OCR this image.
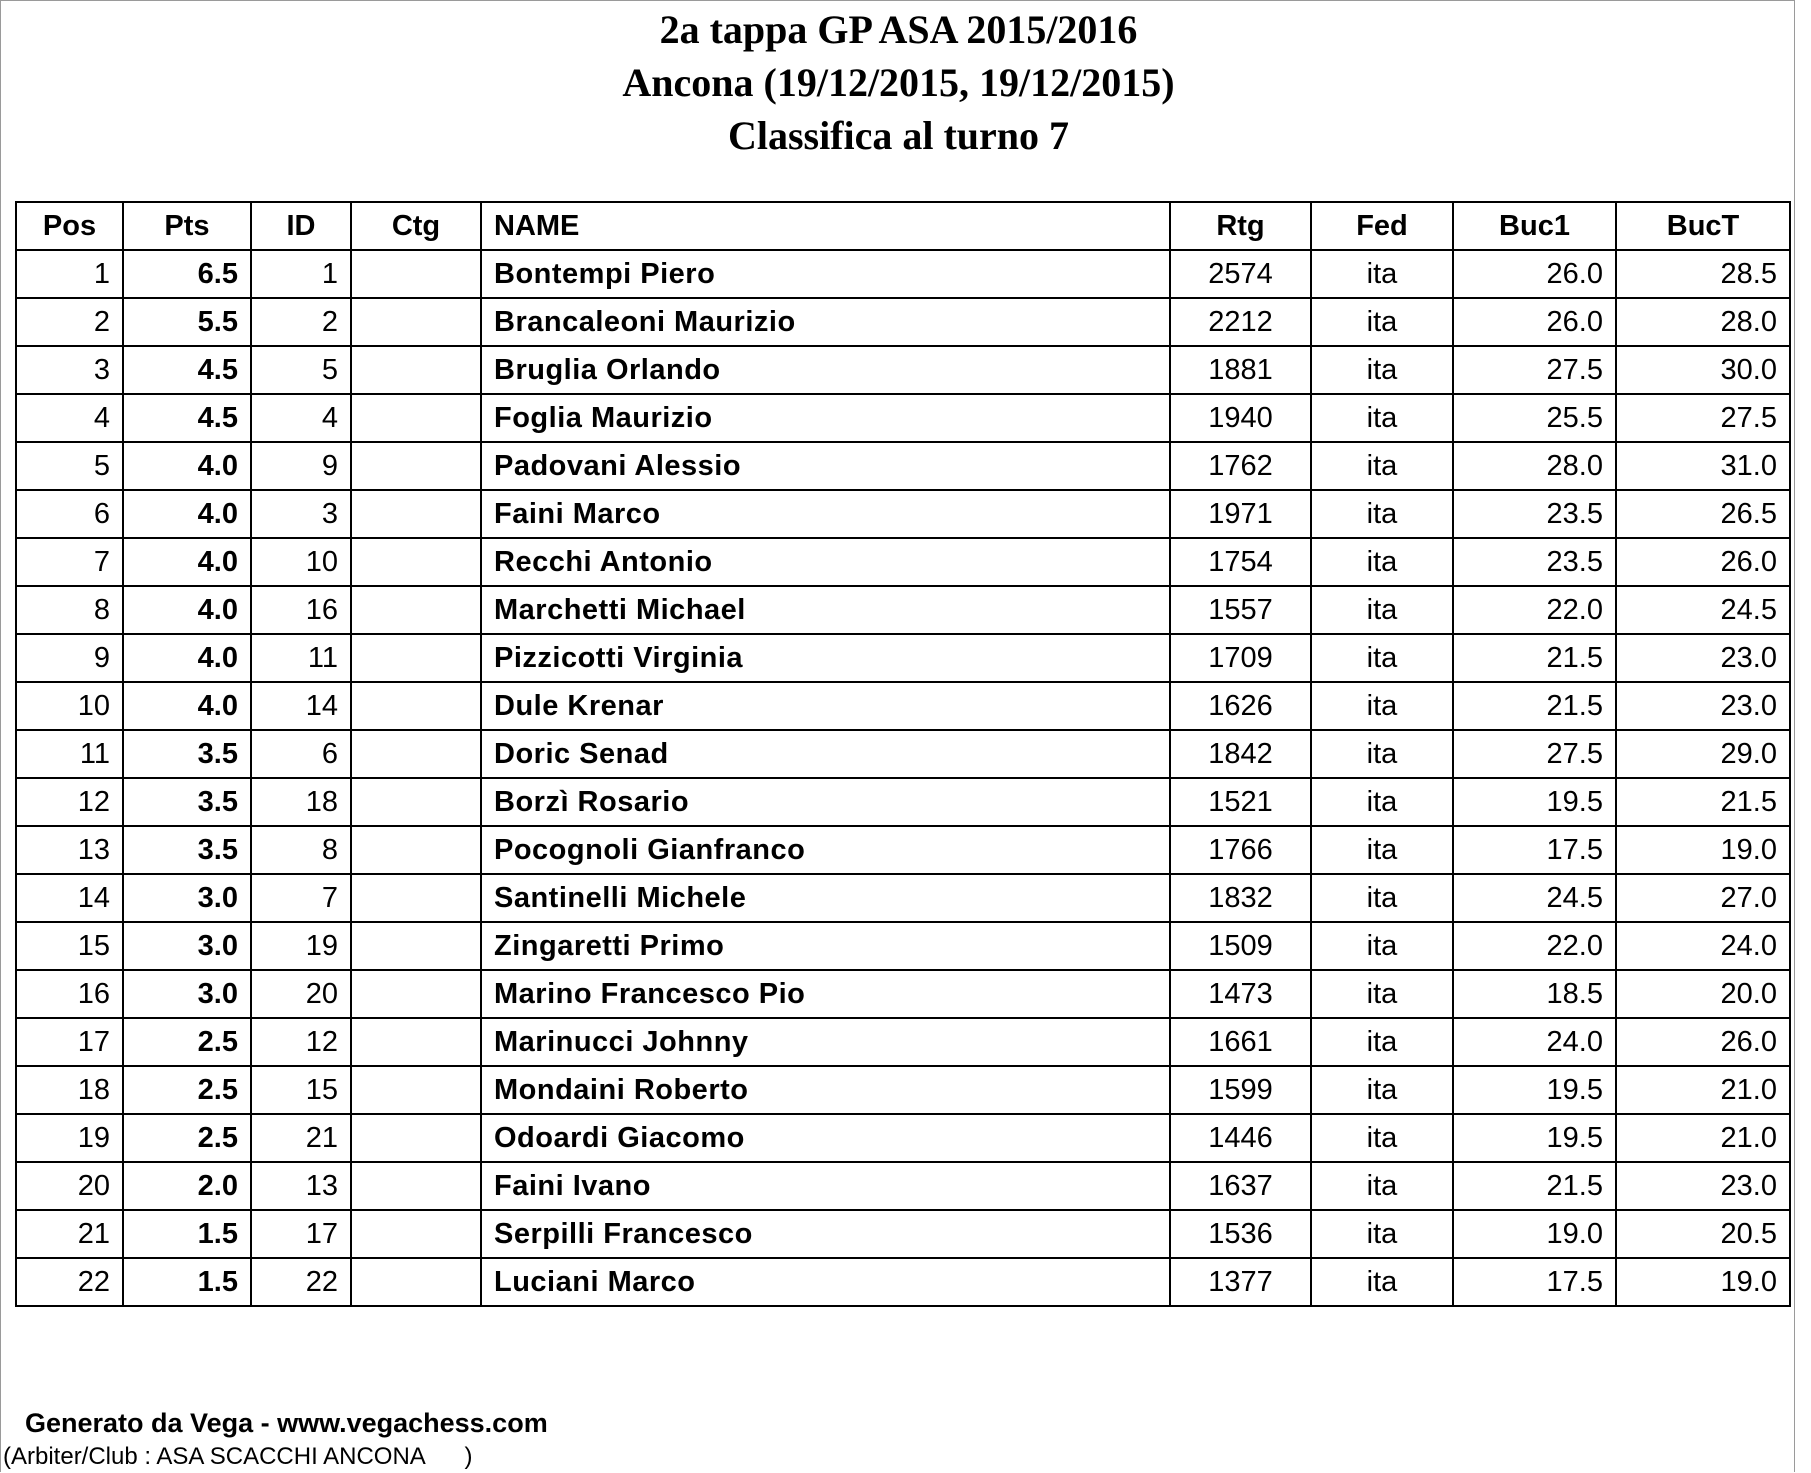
2a tappa GP ASA 2015/2016
Ancona (19/12/2015, 19/12/2015)
Classifica al turno 7
Pos	Pts	ID	Ctg	NAME	Rtg	Fed	Buc1	BucT
1	6.5	1		Bontempi Piero	2574	ita	26.0	28.5
2	5.5	2		Brancaleoni Maurizio	2212	ita	26.0	28.0
3	4.5	5		Bruglia Orlando	1881	ita	27.5	30.0
4	4.5	4		Foglia Maurizio	1940	ita	25.5	27.5
5	4.0	9		Padovani Alessio	1762	ita	28.0	31.0
6	4.0	3		Faini Marco	1971	ita	23.5	26.5
7	4.0	10		Recchi Antonio	1754	ita	23.5	26.0
8	4.0	16		Marchetti Michael	1557	ita	22.0	24.5
9	4.0	11		Pizzicotti Virginia	1709	ita	21.5	23.0
10	4.0	14		Dule Krenar	1626	ita	21.5	23.0
11	3.5	6		Doric Senad	1842	ita	27.5	29.0
12	3.5	18		Borzì Rosario	1521	ita	19.5	21.5
13	3.5	8		Pocognoli Gianfranco	1766	ita	17.5	19.0
14	3.0	7		Santinelli Michele	1832	ita	24.5	27.0
15	3.0	19		Zingaretti Primo	1509	ita	22.0	24.0
16	3.0	20		Marino Francesco Pio	1473	ita	18.5	20.0
17	2.5	12		Marinucci Johnny	1661	ita	24.0	26.0
18	2.5	15		Mondaini Roberto	1599	ita	19.5	21.0
19	2.5	21		Odoardi Giacomo	1446	ita	19.5	21.0
20	2.0	13		Faini Ivano	1637	ita	21.5	23.0
21	1.5	17		Serpilli Francesco	1536	ita	19.0	20.5
22	1.5	22		Luciani Marco	1377	ita	17.5	19.0
Generato da Vega - www.vegachess.com
(Arbiter/Club : ASA SCACCHI ANCONA      )
